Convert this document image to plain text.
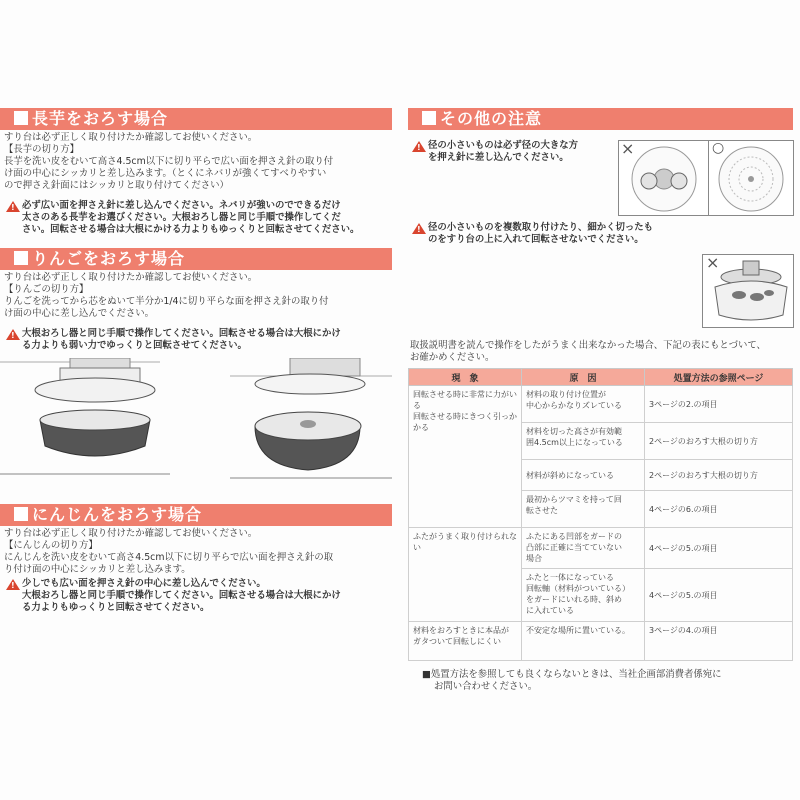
長芋をおろす場合
すり台は必ず正しく取り付けたか確認してお使いください。
【長芋の切り方】
長芋を洗い皮をむいて高さ4.5cm以下に切り平らで広い面を押さえ針の取り付
け面の中心にシッカリと差し込みます。（とくにネバリが強くてすべりやすい
ので押さえ針面にはシッカリと取り付けてください）
!
必ず広い面を押さえ針に差し込んでください。ネバリが強いのでできるだけ
太さのある長芋をお選びください。大根おろし器と同じ手順で操作してくだ
さい。回転させる場合は大根にかける力よりもゆっくりと回転させてください。
りんごをおろす場合
すり台は必ず正しく取り付けたか確認してお使いください。
【りんごの切り方】
りんごを洗ってから芯をぬいて半分か1/4に切り平らな面を押さえ針の取り付
け面の中心に差し込んでください。
!
大根おろし器と同じ手順で操作してください。回転させる場合は大根にかけ
る力よりも弱い力でゆっくりと回転させてください。
にんじんをおろす場合
すり台は必ず正しく取り付けたか確認してお使いください。
【にんじんの切り方】
にんじんを洗い皮をむいて高さ4.5cm以下に切り平らで広い面を押さえ針の取
り付け面の中心にシッカリと差し込みます。
!
少しでも広い面を押さえ針の中心に差し込んでください。
大根おろし器と同じ手順で操作してください。回転させる場合は大根にかけ
る力よりもゆっくりと回転させてください。
その他の注意
!
径の小さいものは必ず径の大きな方
を押え針に差し込んでください。
!
径の小さいものを複数取り付けたり、細かく切ったも
のをすり台の上に入れて回転させないでください。
×	○
×
取扱説明書を読んで操作をしたがうまく出来なかった場合、下記の表にもとづいて、
お確かめください。
現　象	原　因	処置方法の参照ページ
回転させる時に非常に力がいる
回転させる時にきつく引っかかる	材料の取り付け位置が
中心からかなりズレている	3ページの2.の項目
	材料を切った高さが有効範
囲4.5cm以上になっている	2ページのおろす大根の切り方
	材料が斜めになっている	2ページのおろす大根の切り方
	最初からツマミを持って回
転させた	4ページの6.の項目
ふたがうまく取り付けられない	ふたにある凹部をガードの
凸部に正確に当てていない
場合	4ページの5.の項目
	ふたと一体になっている
回転軸（材料がついている）
をガードにいれる時、斜め
に入れている	4ページの5.の項目
材料をおろすときに本品が
ガタついて回転しにくい	不安定な場所に置いている。	3ページの4.の項目
■処置方法を参照しても良くならないときは、当社企画部消費者係宛に
お問い合わせください。
